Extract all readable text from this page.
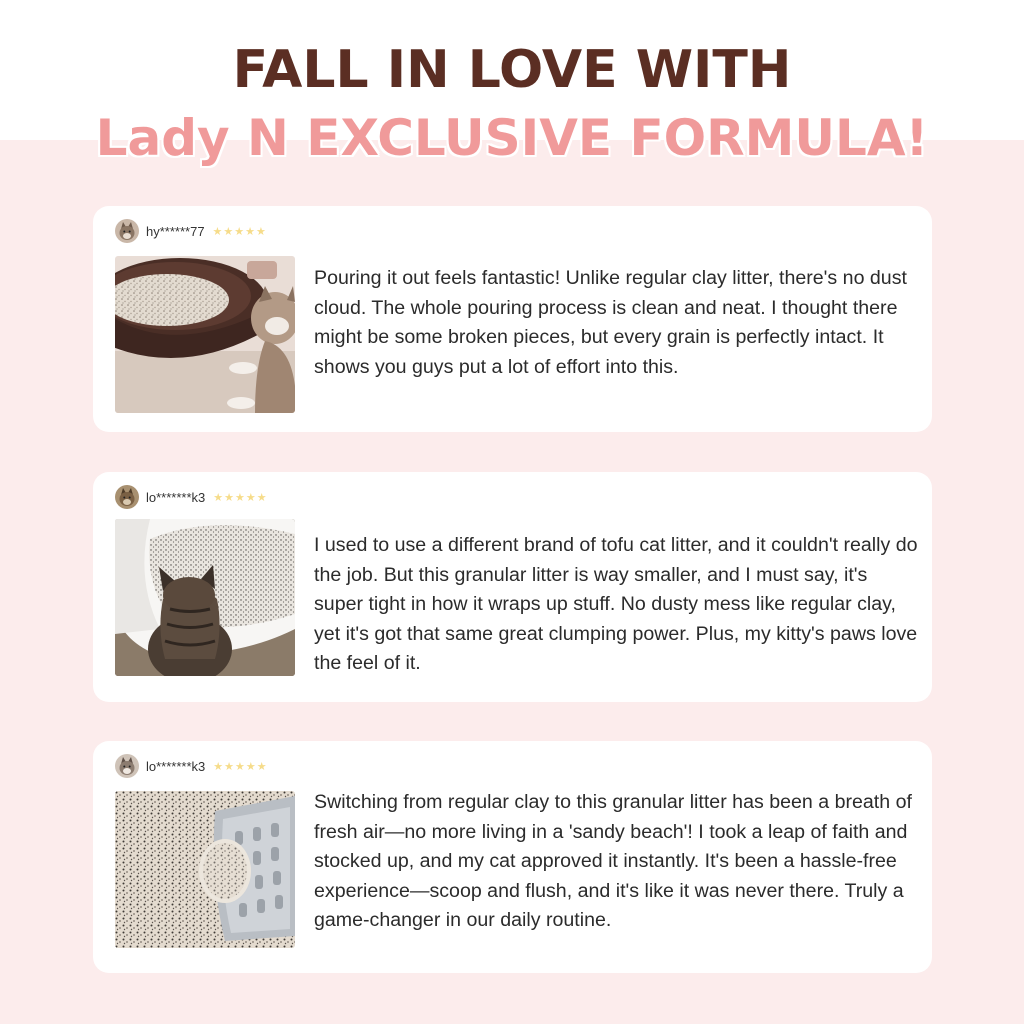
FALL IN LOVE WITH
Lady N EXCLUSIVE FORMULA!
hy******77 ★★★★★
Pouring it out feels fantastic! Unlike regular clay litter, there's no dust cloud. The whole pouring process is clean and neat. I thought there might be some broken pieces, but every grain is perfectly intact. It shows you guys put a lot of effort into this.
lo*******k3 ★★★★★
I used to use a different brand of tofu cat litter, and it couldn't really do the job. But this granular litter is way smaller, and I must say, it's super tight in how it wraps up stuff. No dusty mess like regular clay, yet it's got that same great clumping power. Plus, my kitty's paws love the feel of it.
lo*******k3 ★★★★★
Switching from regular clay to this granular litter has been a breath of fresh air—no more living in a 'sandy beach'! I took a leap of faith and stocked up, and my cat approved it instantly. It's been a hassle-free experience—scoop and flush, and it's like it was never there. Truly a game-changer in our daily routine.
